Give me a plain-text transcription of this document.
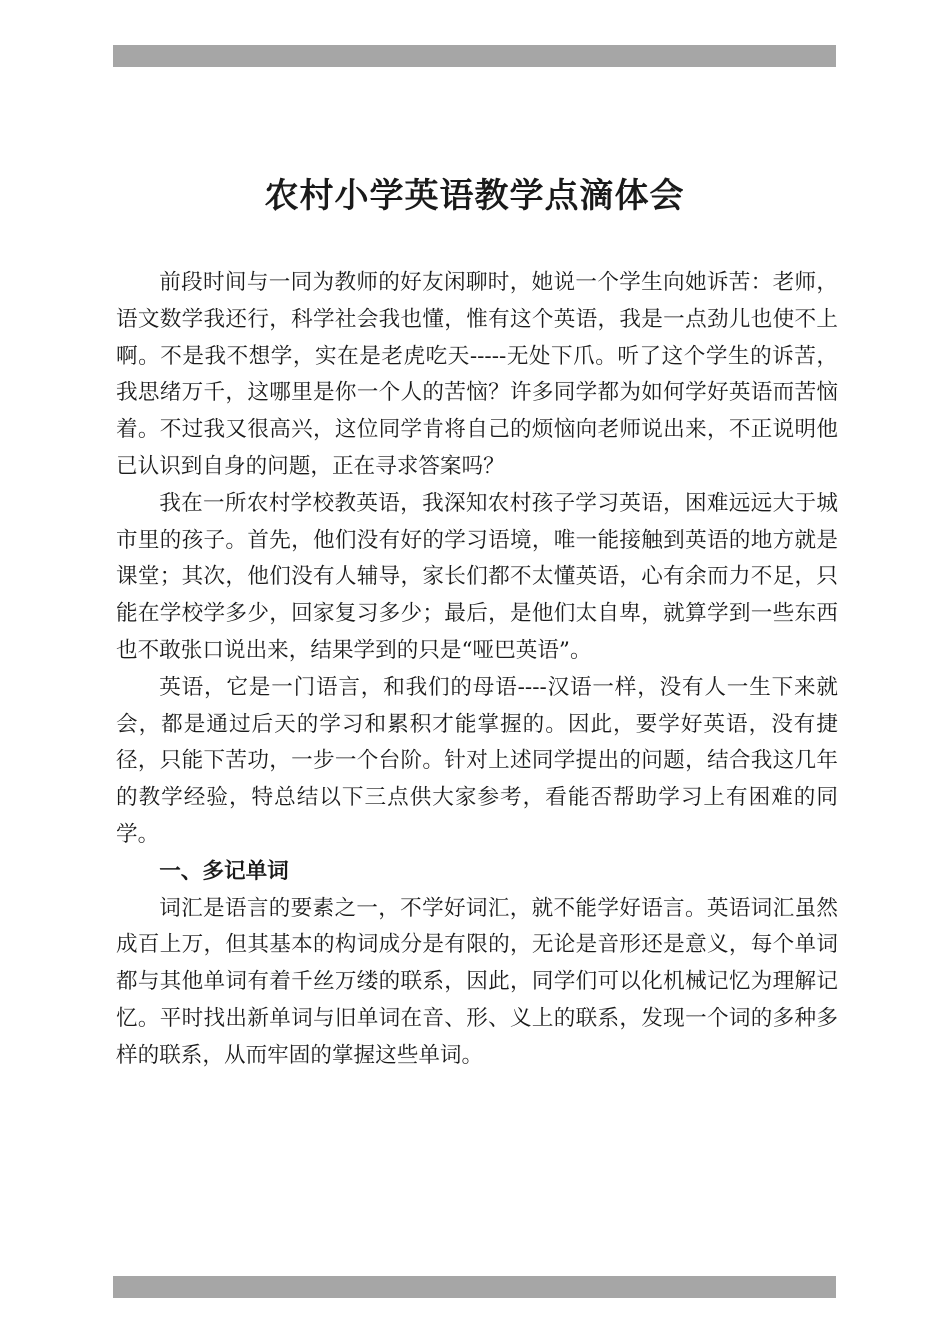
农村小学英语教学点滴体会

前段时间与一同为教师的好友闲聊时，她说一个学生向她诉苦：老师，语文数学我还行，科学社会我也懂，惟有这个英语，我是一点劲儿也使不上啊。不是我不想学，实在是老虎吃天-----无处下爪。听了这个学生的诉苦，我思绪万千，这哪里是你一个人的苦恼？许多同学都为如何学好英语而苦恼着。不过我又很高兴，这位同学肯将自己的烦恼向老师说出来，不正说明他已认识到自身的问题，正在寻求答案吗？

我在一所农村学校教英语，我深知农村孩子学习英语，困难远远大于城市里的孩子。首先，他们没有好的学习语境，唯一能接触到英语的地方就是课堂；其次，他们没有人辅导，家长们都不太懂英语，心有余而力不足，只能在学校学多少，回家复习多少；最后，是他们太自卑，就算学到一些东西也不敢张口说出来，结果学到的只是“哑巴英语”。

英语，它是一门语言，和我们的母语----汉语一样，没有人一生下来就会，都是通过后天的学习和累积才能掌握的。因此，要学好英语，没有捷径，只能下苦功，一步一个台阶。针对上述同学提出的问题，结合我这几年的教学经验，特总结以下三点供大家参考，看能否帮助学习上有困难的同学。

一、多记单词

词汇是语言的要素之一，不学好词汇，就不能学好语言。英语词汇虽然成百上万，但其基本的构词成分是有限的，无论是音形还是意义，每个单词都与其他单词有着千丝万缕的联系，因此，同学们可以化机械记忆为理解记忆。平时找出新单词与旧单词在音、形、义上的联系，发现一个词的多种多样的联系，从而牢固的掌握这些单词。
